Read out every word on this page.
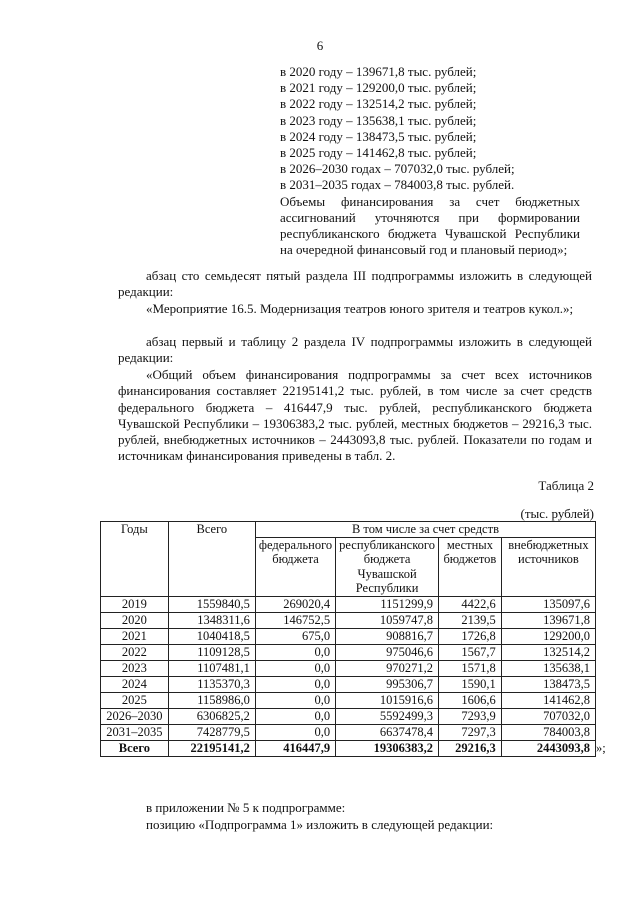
6
в 2020 году – 139671,8 тыс. рублей;
в 2021 году – 129200,0 тыс. рублей;
в 2022 году – 132514,2 тыс. рублей;
в 2023 году – 135638,1 тыс. рублей;
в 2024 году – 138473,5 тыс. рублей;
в 2025 году – 141462,8 тыс. рублей;
в 2026–2030 годах – 707032,0 тыс. рублей;
в 2031–2035 годах – 784003,8 тыс. рублей.
Объемы финансирования за счет бюджетных ассигнований уточняются при формировании республиканского бюджета Чувашской Республики на очередной финансовый год и плановый период»;
абзац сто семьдесят пятый раздела III подпрограммы изложить в следующей редакции:
«Мероприятие 16.5. Модернизация театров юного зрителя и театров кукол.»;
абзац первый и таблицу 2 раздела IV подпрограммы изложить в следующей редакции:
«Общий объем финансирования подпрограммы за счет всех источников финансирования составляет 22195141,2 тыс. рублей, в том числе за счет средств федерального бюджета – 416447,9 тыс. рублей, республиканского бюджета Чувашской Республики – 19306383,2 тыс. рублей, местных бюджетов – 29216,3 тыс. рублей, внебюджетных источников – 2443093,8 тыс. рублей. Показатели по годам и источникам финансирования приведены в табл. 2.
Таблица 2
(тыс. рублей)
Годы	Всего	В том числе за счет средств			
		федерального бюджета	республиканского бюджета Чувашской Республики	местных бюджетов	внебюджетных источников
2019	1559840,5	269020,4	1151299,9	4422,6	135097,6
2020	1348311,6	146752,5	1059747,8	2139,5	139671,8
2021	1040418,5	675,0	908816,7	1726,8	129200,0
2022	1109128,5	0,0	975046,6	1567,7	132514,2
2023	1107481,1	0,0	970271,2	1571,8	135638,1
2024	1135370,3	0,0	995306,7	1590,1	138473,5
2025	1158986,0	0,0	1015916,6	1606,6	141462,8
2026–2030	6306825,2	0,0	5592499,3	7293,9	707032,0
2031–2035	7428779,5	0,0	6637478,4	7297,3	784003,8
Всего	22195141,2	416447,9	19306383,2	29216,3	2443093,8 »;
в приложении № 5 к подпрограмме:
позицию «Подпрограмма 1» изложить в следующей редакции:
